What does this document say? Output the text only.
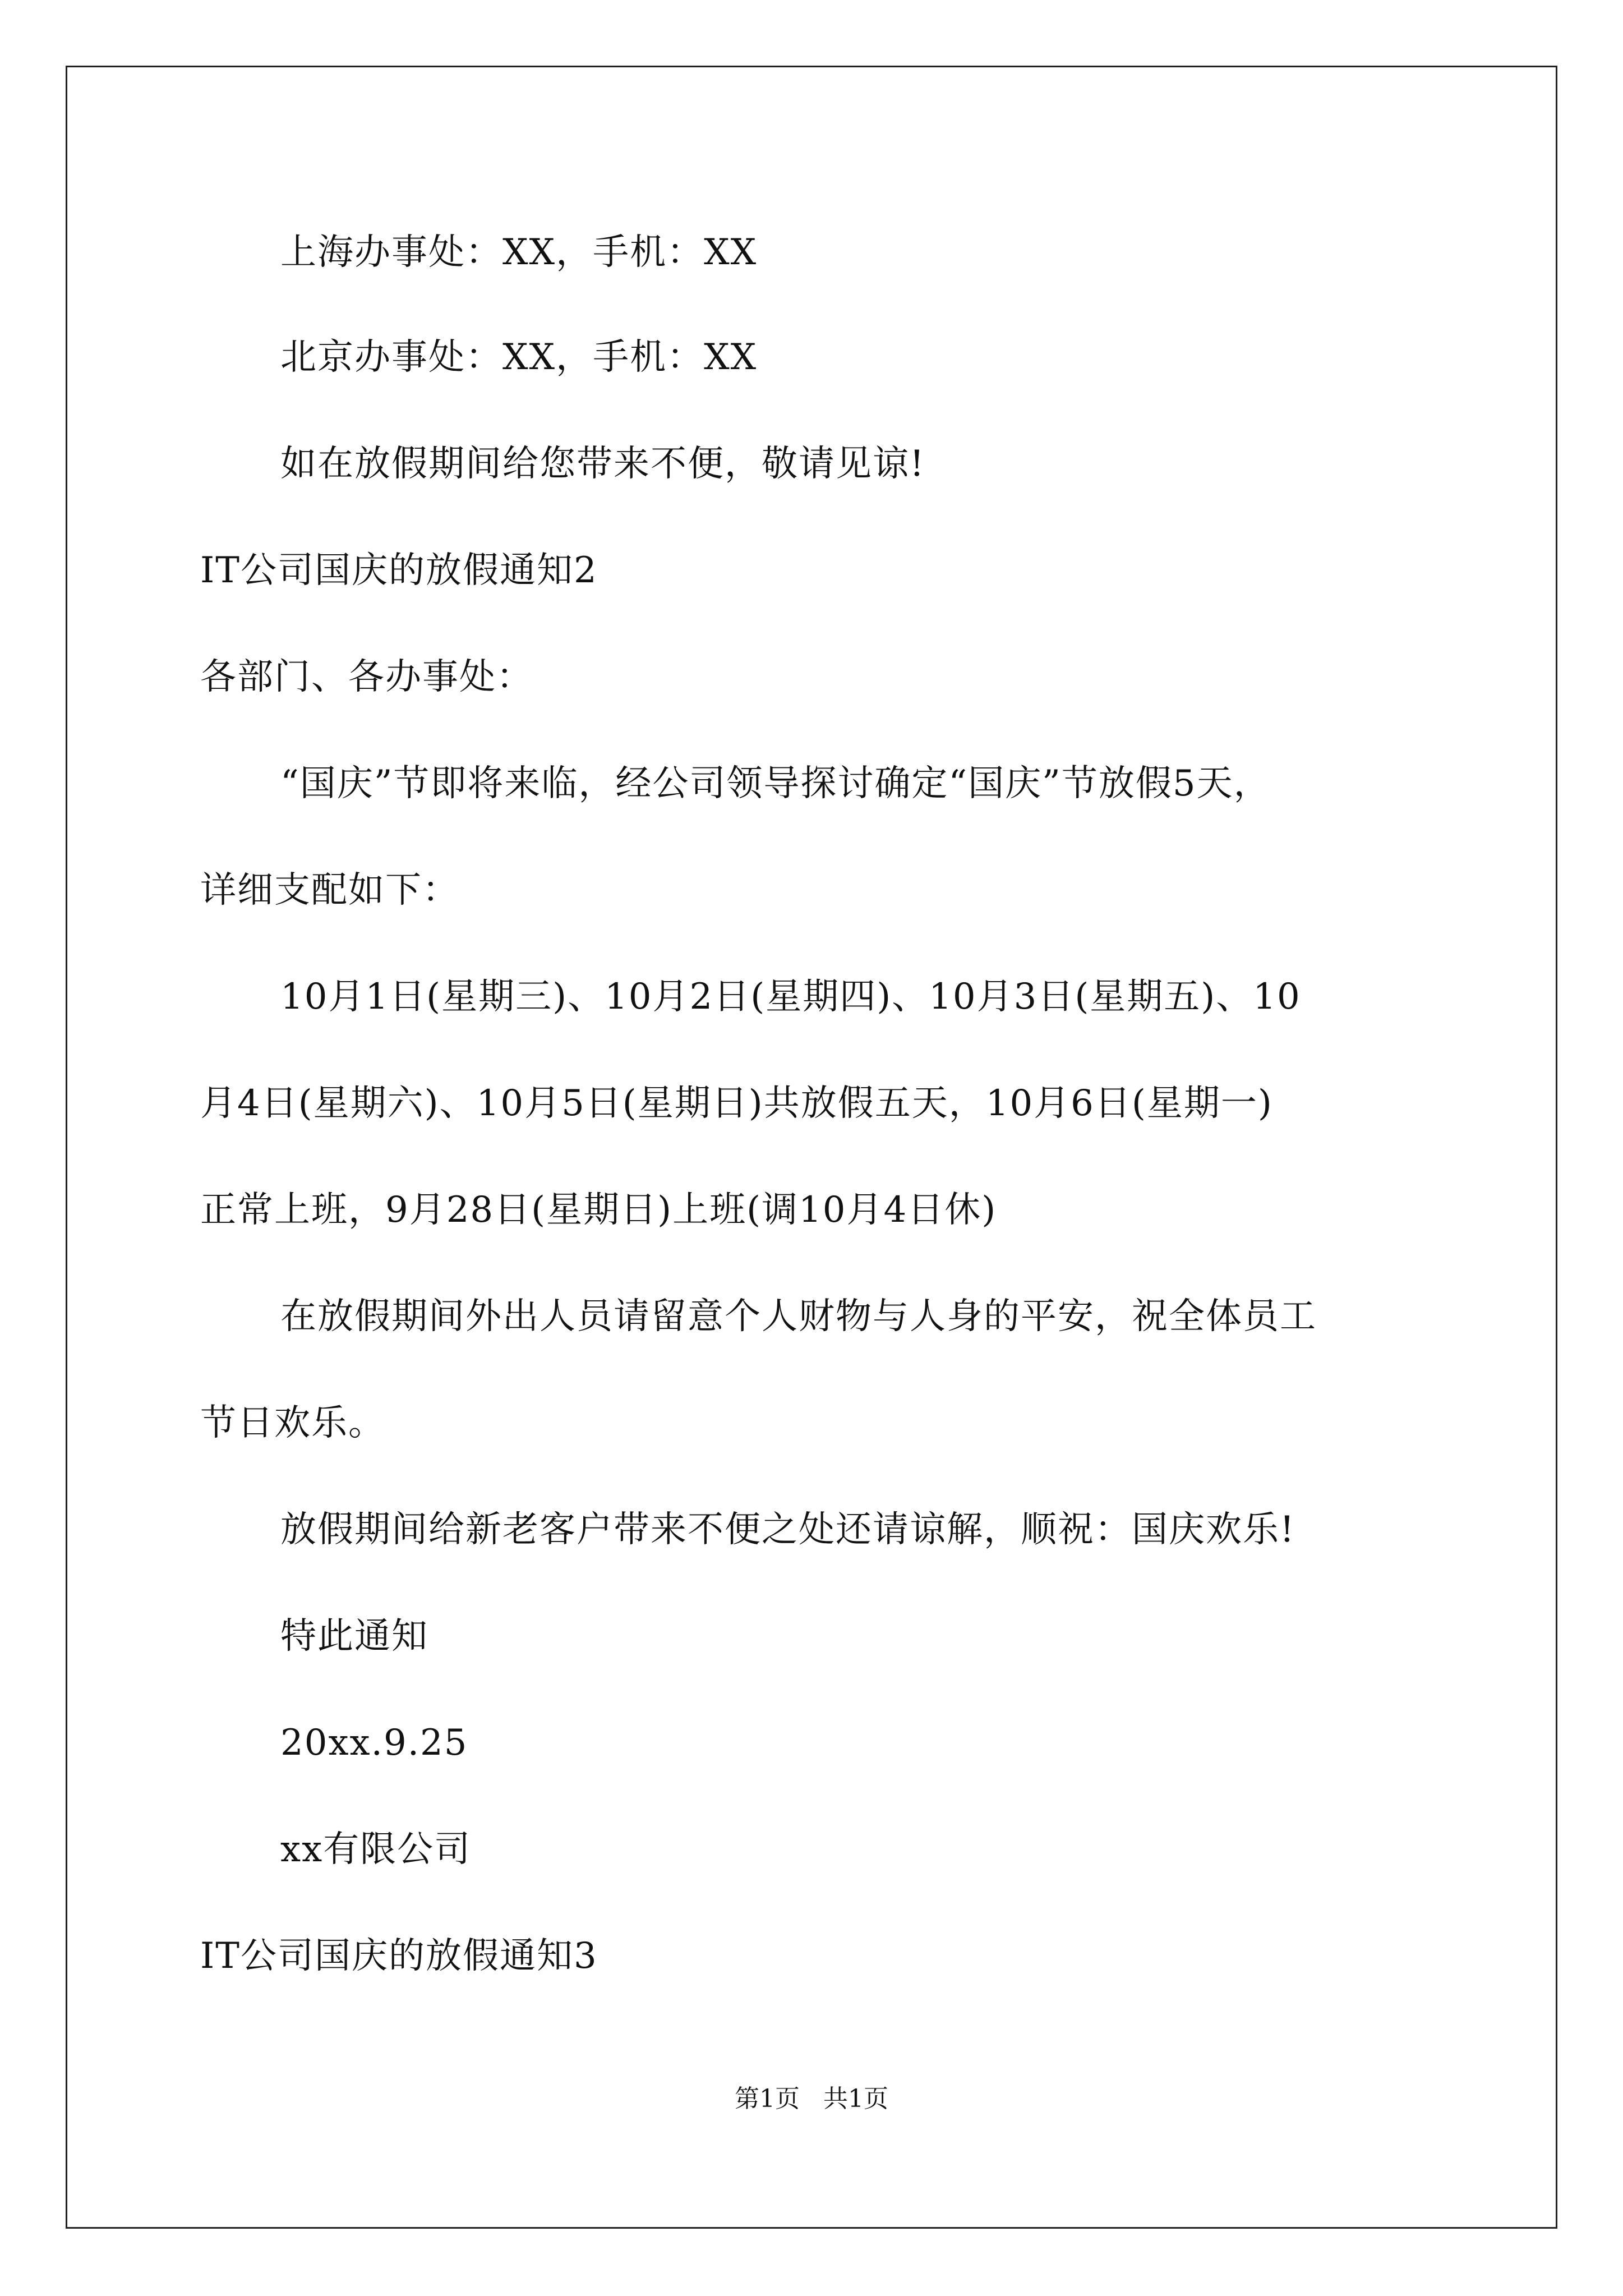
上海办事处：XX，手机：XX
北京办事处：XX，手机：XX
如在放假期间给您带来不便，敬请见谅!
IT公司国庆的放假通知2
各部门、各办事处：
“国庆”节即将来临，经公司领导探讨确定“国庆”节放假5天，
详细支配如下：
10月1日(星期三)、10月2日(星期四)、10月3日(星期五)、10
月4日(星期六)、10月5日(星期日)共放假五天，10月6日(星期一)
正常上班，9月28日(星期日)上班(调10月4日休)
在放假期间外出人员请留意个人财物与人身的平安，祝全体员工
节日欢乐。
放假期间给新老客户带来不便之处还请谅解，顺祝：国庆欢乐!
特此通知
20xx.9.25
xx有限公司
IT公司国庆的放假通知3
第1页   共1页
